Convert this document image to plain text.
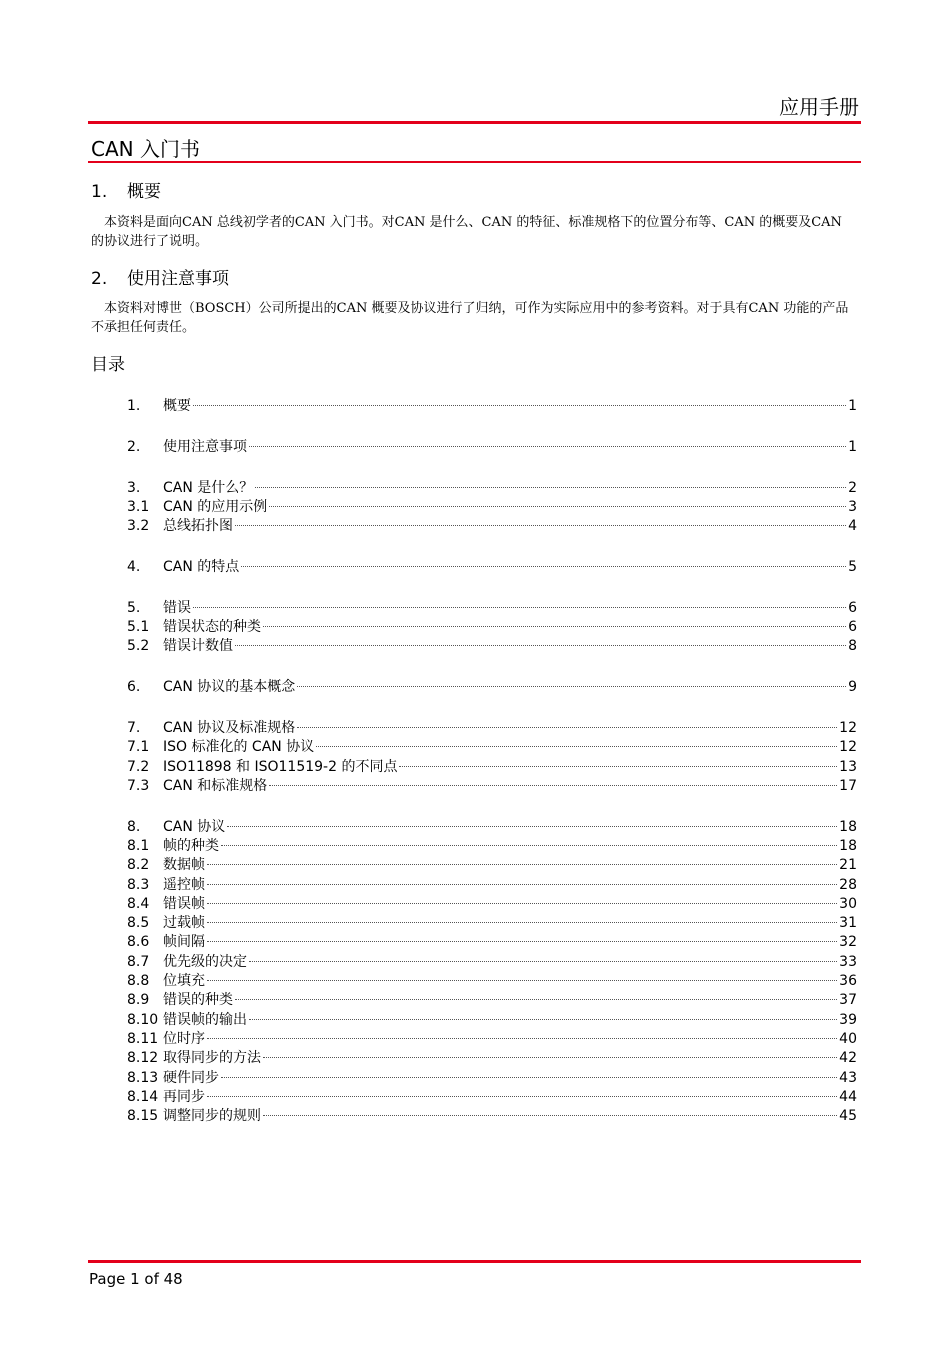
应用手册
CAN 入门书
1. 概要
本资料是面向CAN 总线初学者的CAN 入门书。对CAN 是什么、CAN 的特征、标准规格下的位置分布等、CAN 的概要及CAN 的协议进行了说明。
2. 使用注意事项
本资料对博世（BOSCH）公司所提出的CAN 概要及协议进行了归纳，可作为实际应用中的参考资料。对于具有CAN 功能的产品不承担任何责任。
目录
1.	概要	1
2.	使用注意事项	1
3.	CAN 是什么？	2
3.1 CAN 的应用示例	3
3.2 总线拓扑图	4
4.	CAN 的特点	5
5.	错误	6
5.1 错误状态的种类	6
5.2 错误计数值	8
6.	CAN 协议的基本概念	9
7.	CAN 协议及标准规格	12
7.1 ISO 标准化的 CAN 协议	12
7.2 ISO11898 和 ISO11519-2 的不同点	13
7.3 CAN 和标准规格	17
8.	CAN 协议	18
8.1 帧的种类	18
8.2 数据帧	21
8.3 遥控帧	28
8.4 错误帧	30
8.5 过载帧	31
8.6 帧间隔	32
8.7 优先级的决定	33
8.8 位填充	36
8.9 错误的种类	37
8.10 错误帧的输出	39
8.11 位时序	40
8.12 取得同步的方法	42
8.13 硬件同步	43
8.14 再同步	44
8.15 调整同步的规则	45
Page 1 of 48
